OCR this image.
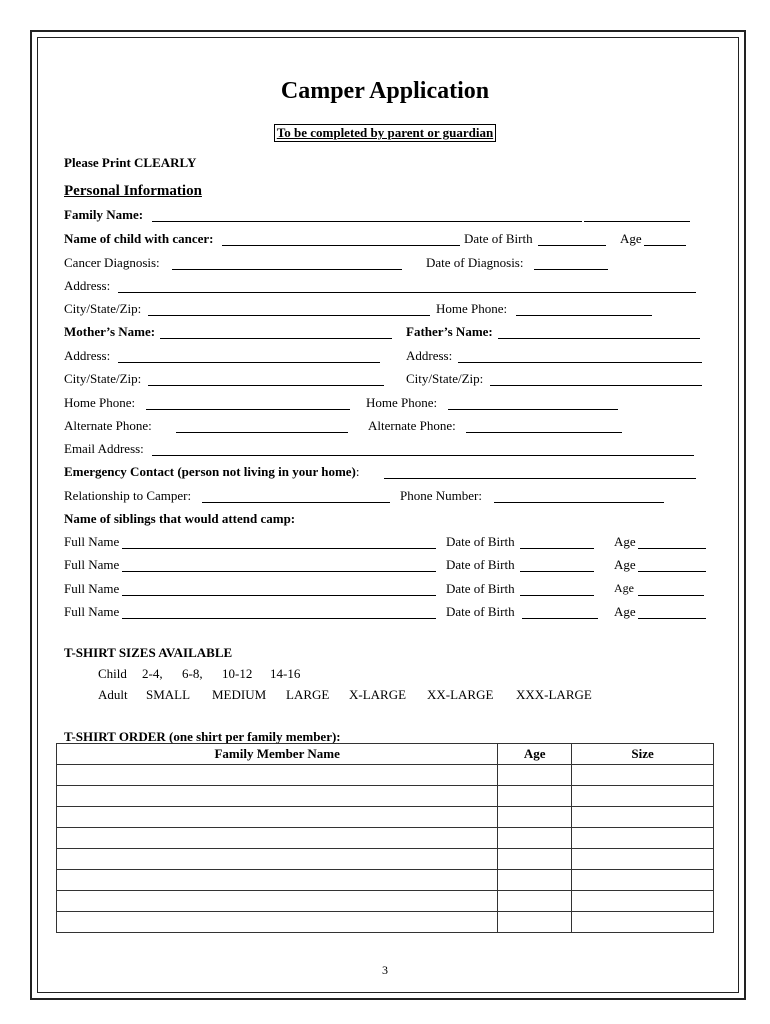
Camper Application
To be completed by parent or guardian
Please Print CLEARLY
Personal Information
Family Name:
Name of child with cancer:	Date of Birth	Age
Cancer Diagnosis:	Date of Diagnosis:
Address:
City/State/Zip:	Home Phone:
Mother’s Name:	Father’s Name:
Address:	Address:
City/State/Zip:	City/State/Zip:
Home Phone:	Home Phone:
Alternate Phone:	Alternate Phone:
Email Address:
Emergency Contact (person not living in your home):
Relationship to Camper:	Phone Number:
Name of siblings that would attend camp:
Full Name	Date of Birth	Age
Full Name	Date of Birth	Age
Full Name	Date of Birth	Age
Full Name	Date of Birth	Age
T-SHIRT SIZES AVAILABLE
Child 2-4, 6-8, 10-12 14-16
Adult SMALL MEDIUM LARGE X-LARGE XX-LARGE XXX-LARGE
T-SHIRT ORDER (one shirt per family member):
Family Member Name	Age	Size

3
